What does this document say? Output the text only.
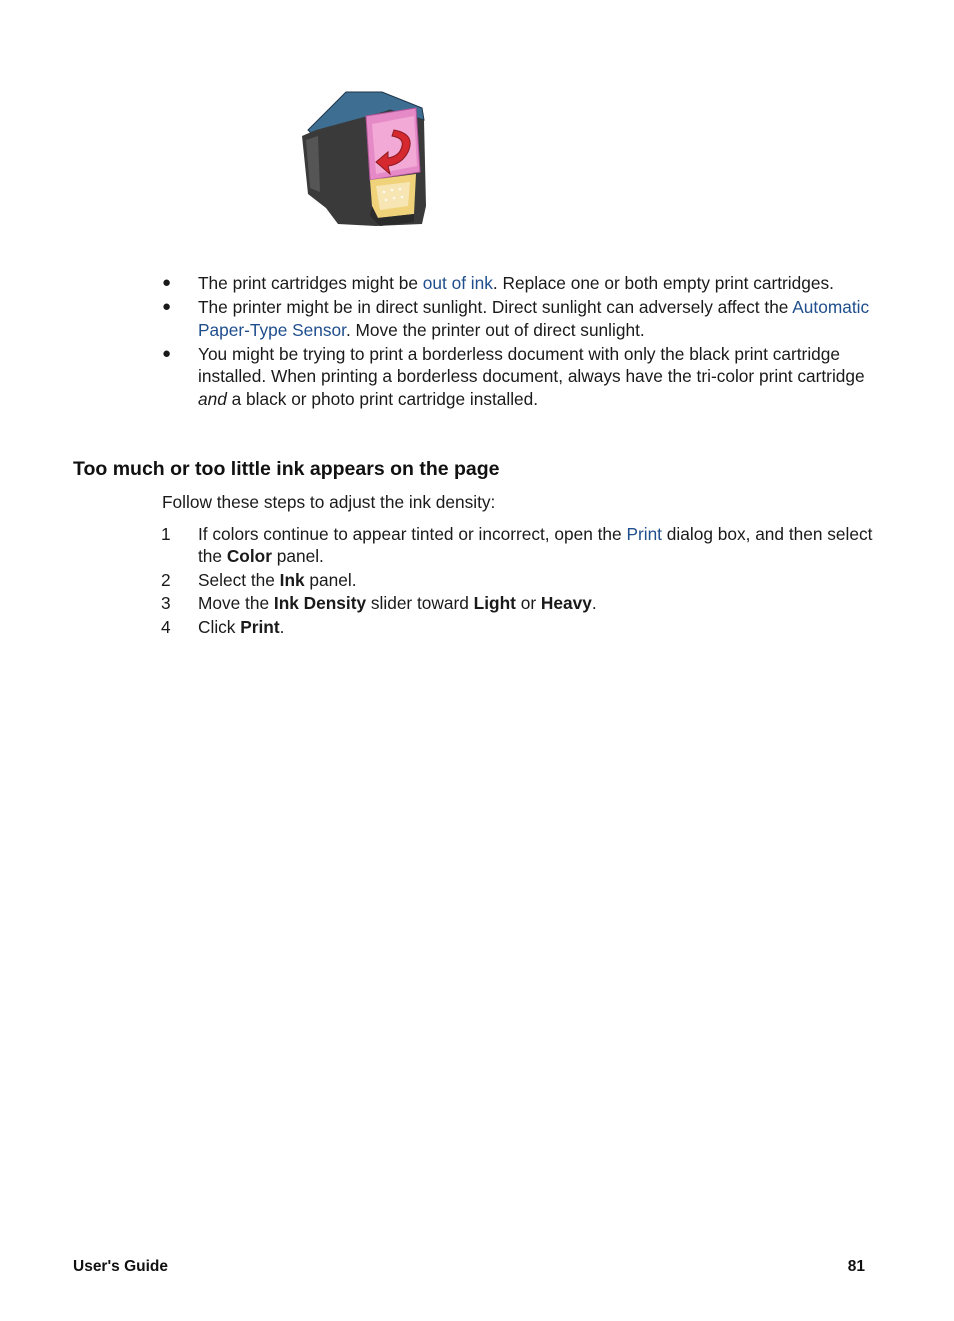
● The print cartridges might be out of ink. Replace one or both empty print cartridges.
● The printer might be in direct sunlight. Direct sunlight can adversely affect the Automatic Paper-Type Sensor. Move the printer out of direct sunlight.
● You might be trying to print a borderless document with only the black print cartridge installed. When printing a borderless document, always have the tri-color print cartridge and a black or photo print cartridge installed.
Too much or too little ink appears on the page

Follow these steps to adjust the ink density:

1 If colors continue to appear tinted or incorrect, open the Print dialog box, and then select the Color panel.
2 Select the Ink panel.
3 Move the Ink Density slider toward Light or Heavy.
4 Click Print.
User's Guide	81
